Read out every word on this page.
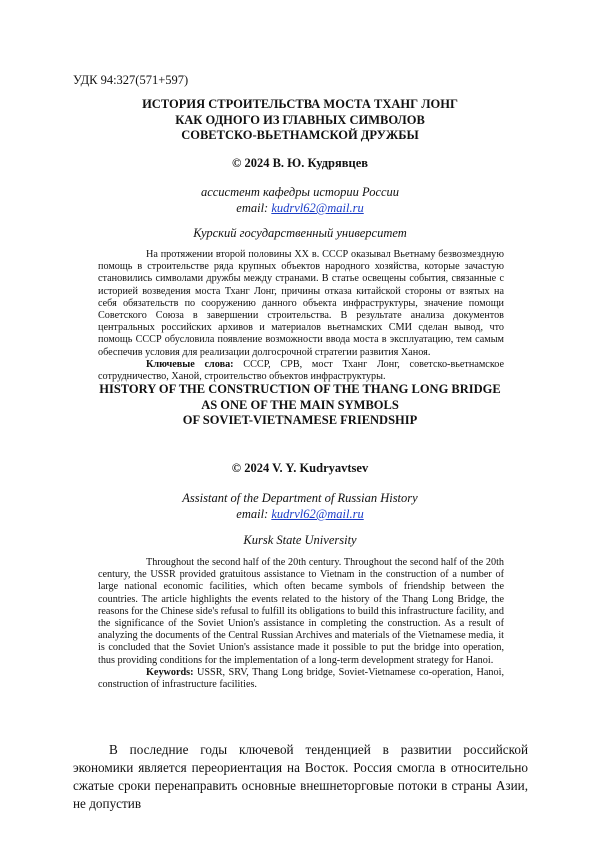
УДК 94:327(571+597)
ИСТОРИЯ СТРОИТЕЛЬСТВА МОСТА ТХАНГ ЛОНГ
КАК ОДНОГО ИЗ ГЛАВНЫХ СИМВОЛОВ
СОВЕТСКО-ВЬЕТНАМСКОЙ ДРУЖБЫ
© 2024 В. Ю. Кудрявцев
ассистент кафедры истории России
email: kudrvl62@mail.ru
Курский государственный университет

На протяжении второй половины XX в. СССР оказывал Вьетнаму безвозмездную помощь в строительстве ряда крупных объектов народного хозяйства, которые зачастую становились символами дружбы между странами. В статье освещены события, связанные с историей возведения моста Тханг Лонг, причины отказа китайской стороны от взятых на себя обязательств по сооружению данного объекта инфраструктуры, значение помощи Советского Союза в завершении строительства. В результате анализа документов центральных российских архивов и материалов вьетнамских СМИ сделан вывод, что помощь СССР обусловила появление возможности ввода моста в эксплуатацию, тем самым обеспечив условия для реализации долгосрочной стратегии развития Ханоя.

Ключевые слова: СССР, СРВ, мост Тханг Лонг, советско-вьетнамское сотрудничество, Ханой, строительство объектов инфраструктуры.

HISTORY OF THE CONSTRUCTION OF THE THANG LONG BRIDGE
AS ONE OF THE MAIN SYMBOLS
OF SOVIET-VIETNAMESE FRIENDSHIP
© 2024 V. Y. Kudryavtsev
Assistant of the Department of Russian History
email: kudrvl62@mail.ru
Kursk State University

Throughout the second half of the 20th century. Throughout the second half of the 20th century, the USSR provided gratuitous assistance to Vietnam in the construction of a number of large national economic facilities, which often became symbols of friendship between the countries. The article highlights the events related to the history of the Thang Long Bridge, the reasons for the Chinese side's refusal to fulfill its obligations to build this infrastructure facility, and the significance of the Soviet Union's assistance in completing the construction. As a result of analyzing the documents of the Central Russian Archives and materials of the Vietnamese media, it is concluded that the Soviet Union's assistance made it possible to put the bridge into operation, thus providing conditions for the implementation of a long-term development strategy for Hanoi.

Keywords: USSR, SRV, Thang Long bridge, Soviet-Vietnamese co-operation, Hanoi, construction of infrastructure facilities.

В последние годы ключевой тенденцией в развитии российской экономики является переориентация на Восток. Россия смогла в относительно сжатые сроки перенаправить основные внешнеторговые потоки в страны Азии, не допустив
